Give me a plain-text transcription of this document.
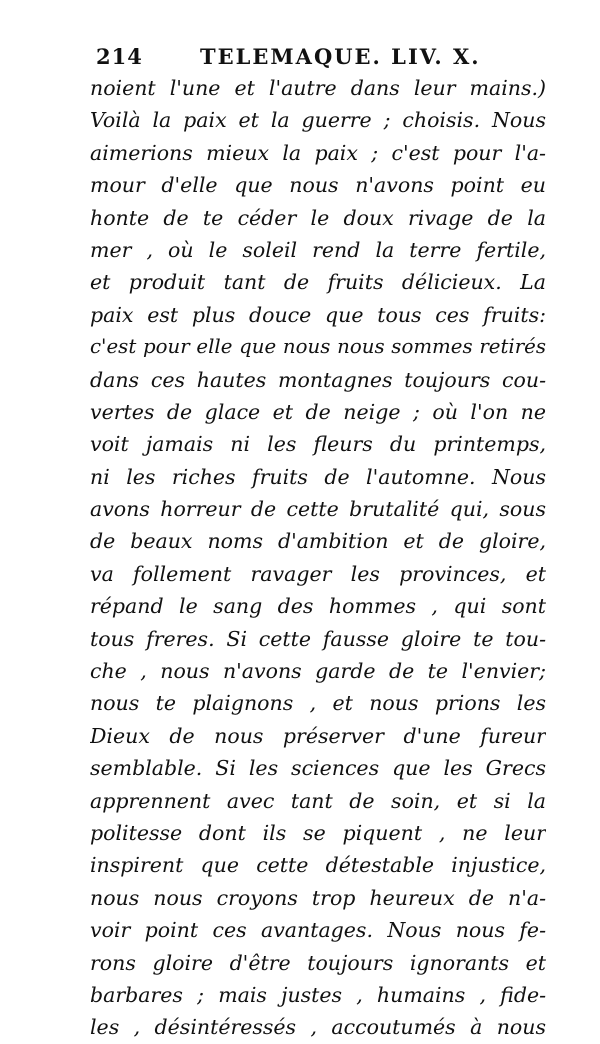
214	TELEMAQUE. LIV. X.
noient l'une et l'autre dans leur mains.)
Voilà la paix et la guerre ; choisis. Nous
aimerions mieux la paix ; c'est pour l'a-
mour d'elle que nous n'avons point eu
honte de te céder le doux rivage de la
mer , où le soleil rend la terre fertile,
et produit tant de fruits délicieux. La
paix est plus douce que tous ces fruits:
c'est pour elle que nous nous sommes retirés
dans ces hautes montagnes toujours cou-
vertes de glace et de neige ; où l'on ne
voit jamais ni les fleurs du printemps,
ni les riches fruits de l'automne. Nous
avons horreur de cette brutalité qui, sous
de beaux noms d'ambition et de gloire,
va follement ravager les provinces, et
répand le sang des hommes , qui sont
tous freres. Si cette fausse gloire te tou-
che , nous n'avons garde de te l'envier;
nous te plaignons , et nous prions les
Dieux de nous préserver d'une fureur
semblable. Si les sciences que les Grecs
apprennent avec tant de soin, et si la
politesse dont ils se piquent , ne leur
inspirent que cette détestable injustice,
nous nous croyons trop heureux de n'a-
voir point ces avantages. Nous nous fe-
rons gloire d'être toujours ignorants et
barbares ; mais justes , humains , fide-
les , désintéressés , accoutumés à nous
